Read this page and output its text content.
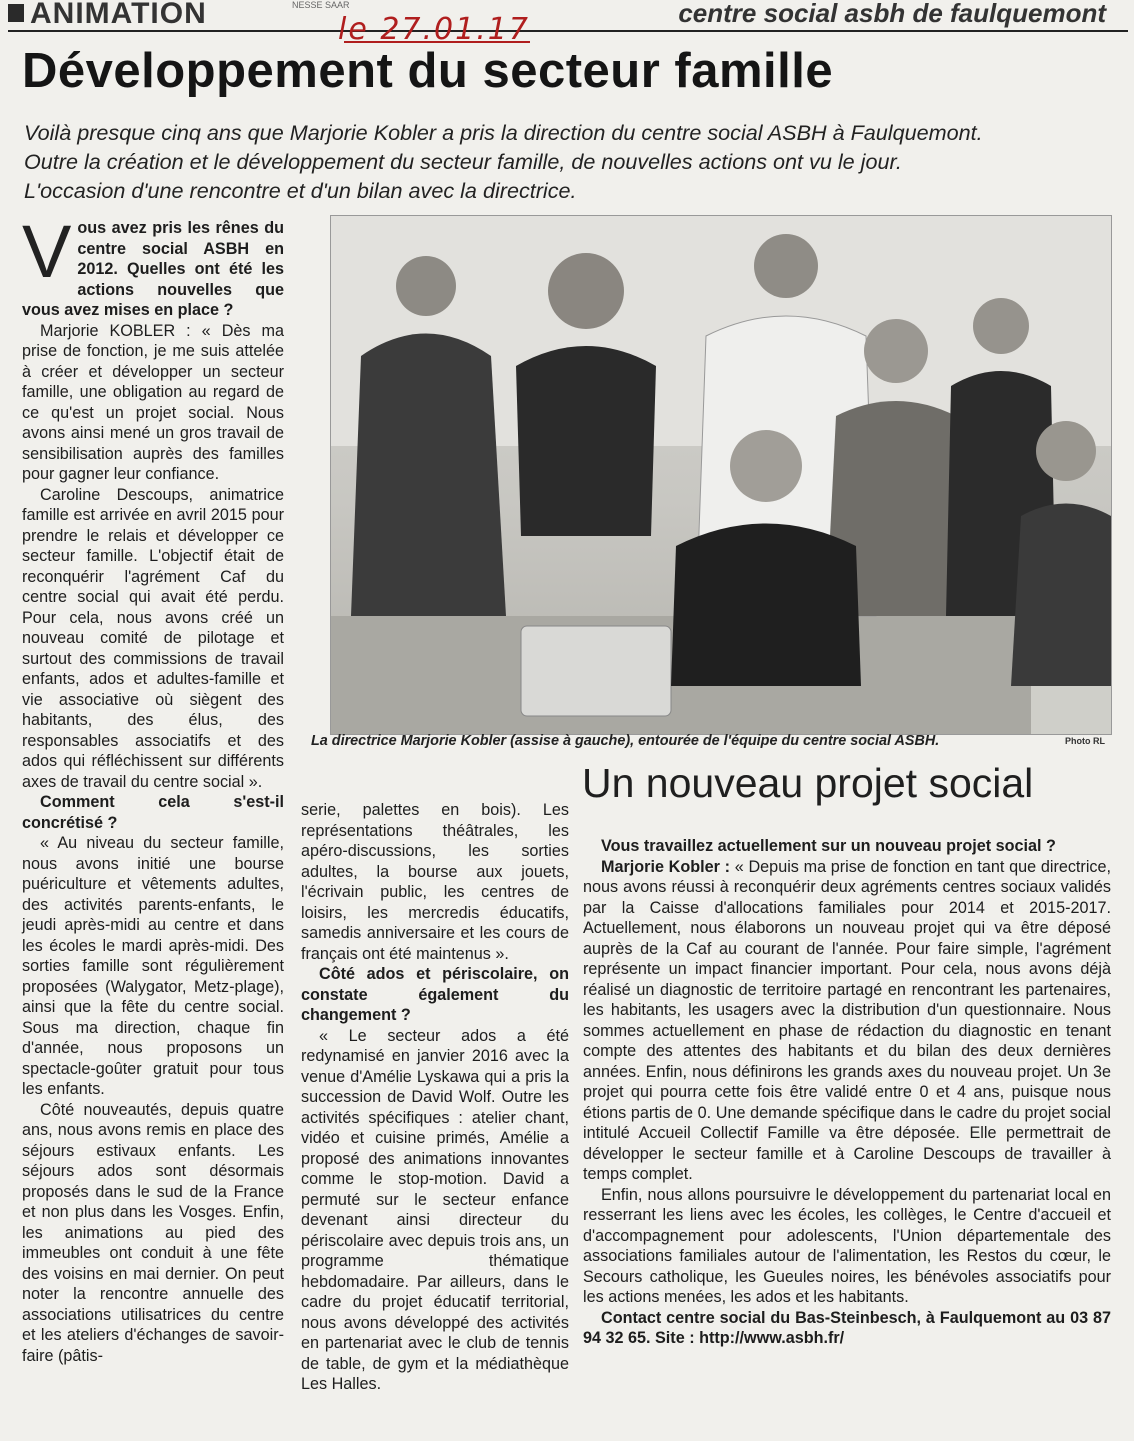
ANIMATION	NESSE SAAR
le 27.01.17	centre social asbh de faulquemont
Développement du secteur famille
Voilà presque cinq ans que Marjorie Kobler a pris la direction du centre social ASBH à Faulquemont.
Outre la création et le développement du secteur famille, de nouvelles actions ont vu le jour.
L'occasion d'une rencontre et d'un bilan avec la directrice.

Vous avez pris les rênes du centre social ASBH en 2012. Quelles ont été les actions nouvelles que vous avez mises en place ?

Marjorie KOBLER : « Dès ma prise de fonction, je me suis attelée à créer et développer un secteur famille, une obligation au regard de ce qu'est un projet social. Nous avons ainsi mené un gros travail de sensibilisation auprès des familles pour gagner leur confiance.

Caroline Descoups, animatrice famille est arrivée en avril 2015 pour prendre le relais et développer ce secteur famille. L'objectif était de reconquérir l'agrément Caf du centre social qui avait été perdu. Pour cela, nous avons créé un nouveau comité de pilotage et surtout des commissions de travail enfants, ados et adultes-famille et vie associative où siègent des habitants, des élus, des responsables associatifs et des ados qui réfléchissent sur différents axes de travail du centre social ».

Comment cela s'est-il concrétisé ?

« Au niveau du secteur famille, nous avons initié une bourse puériculture et vêtements adultes, des activités parents-enfants, le jeudi après-midi au centre et dans les écoles le mardi après-midi. Des sorties famille sont régulièrement proposées (Walygator, Metz-plage), ainsi que la fête du centre social. Sous ma direction, chaque fin d'année, nous proposons un spectacle-goûter gratuit pour tous les enfants.

Côté nouveautés, depuis quatre ans, nous avons remis en place des séjours estivaux enfants. Les séjours ados sont désormais proposés dans le sud de la France et non plus dans les Vosges. Enfin, les animations au pied des immeubles ont conduit à une fête des voisins en mai dernier. On peut noter la rencontre annuelle des associations utilisatrices du centre et les ateliers d'échanges de savoir-faire (pâtis-

La directrice Marjorie Kobler (assise à gauche), entourée de l'équipe du centre social ASBH.	Photo RL

serie, palettes en bois). Les représentations théâtrales, les apéro-discussions, les sorties adultes, la bourse aux jouets, l'écrivain public, les centres de loisirs, les mercredis éducatifs, samedis anniversaire et les cours de français ont été maintenus ».

Côté ados et périscolaire, on constate également du changement ?

« Le secteur ados a été redynamisé en janvier 2016 avec la venue d'Amélie Lyskawa qui a pris la succession de David Wolf. Outre les activités spécifiques : atelier chant, vidéo et cuisine primés, Amélie a proposé des animations innovantes comme le stop-motion. David a permuté sur le secteur enfance devenant ainsi directeur du périscolaire avec depuis trois ans, un programme thématique hebdomadaire. Par ailleurs, dans le cadre du projet éducatif territorial, nous avons développé des activités en partenariat avec le club de tennis de table, de gym et la médiathèque Les Halles.

Un nouveau projet social

Vous travaillez actuellement sur un nouveau projet social ?

Marjorie Kobler : « Depuis ma prise de fonction en tant que directrice, nous avons réussi à reconquérir deux agréments centres sociaux validés par la Caisse d'allocations familiales pour 2014 et 2015-2017. Actuellement, nous élaborons un nouveau projet qui va être déposé auprès de la Caf au courant de l'année. Pour faire simple, l'agrément représente un impact financier important. Pour cela, nous avons déjà réalisé un diagnostic de territoire partagé en rencontrant les partenaires, les habitants, les usagers avec la distribution d'un questionnaire. Nous sommes actuellement en phase de rédaction du diagnostic en tenant compte des attentes des habitants et du bilan des deux dernières années. Enfin, nous définirons les grands axes du nouveau projet. Un 3e projet qui pourra cette fois être validé entre 0 et 4 ans, puisque nous étions partis de 0. Une demande spécifique dans le cadre du projet social intitulé Accueil Collectif Famille va être déposée. Elle permettrait de développer le secteur famille et à Caroline Descoups de travailler à temps complet.

Enfin, nous allons poursuivre le développement du partenariat local en resserrant les liens avec les écoles, les collèges, le Centre d'accueil et d'accompagnement pour adolescents, l'Union départementale des associations familiales autour de l'alimentation, les Restos du cœur, le Secours catholique, les Gueules noires, les bénévoles associatifs pour les actions menées, les ados et les habitants.

Contact centre social du Bas-Steinbesch, à Faulquemont au 03 87 94 32 65. Site : http://www.asbh.fr/
